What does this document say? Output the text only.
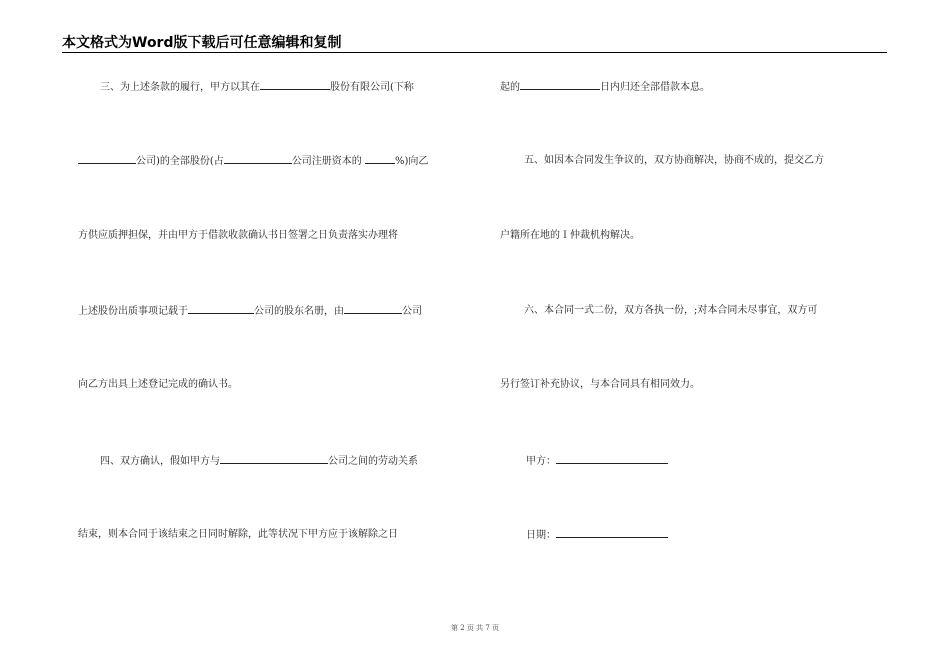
本文格式为Word版下载后可任意编辑和复制
三、为上述条款的履行，甲方以其在	股份有限公司(下称
公司)的全部股份(占	公司注册资本的	%)向乙
方供应质押担保，并由甲方于借款收款确认书日签署之日负责落实办理将
上述股份出质事项记载于	公司的股东名册，由	公司
向乙方出具上述登记完成的确认书。
四、双方确认，假如甲方与	公司之间的劳动关系
结束，则本合同于该结束之日同时解除，此等状况下甲方应于该解除之日
起的	日内归还全部借款本息。
五、如因本合同发生争议的，双方协商解决，协商不成的，提交乙方
户籍所在地的Ｉ仲裁机构解决。
六、本合同一式二份，双方各执一份，;对本合同未尽事宜，双方可
另行签订补充协议，与本合同具有相同效力。
甲方：
日期：
第 2 页 共 7 页
